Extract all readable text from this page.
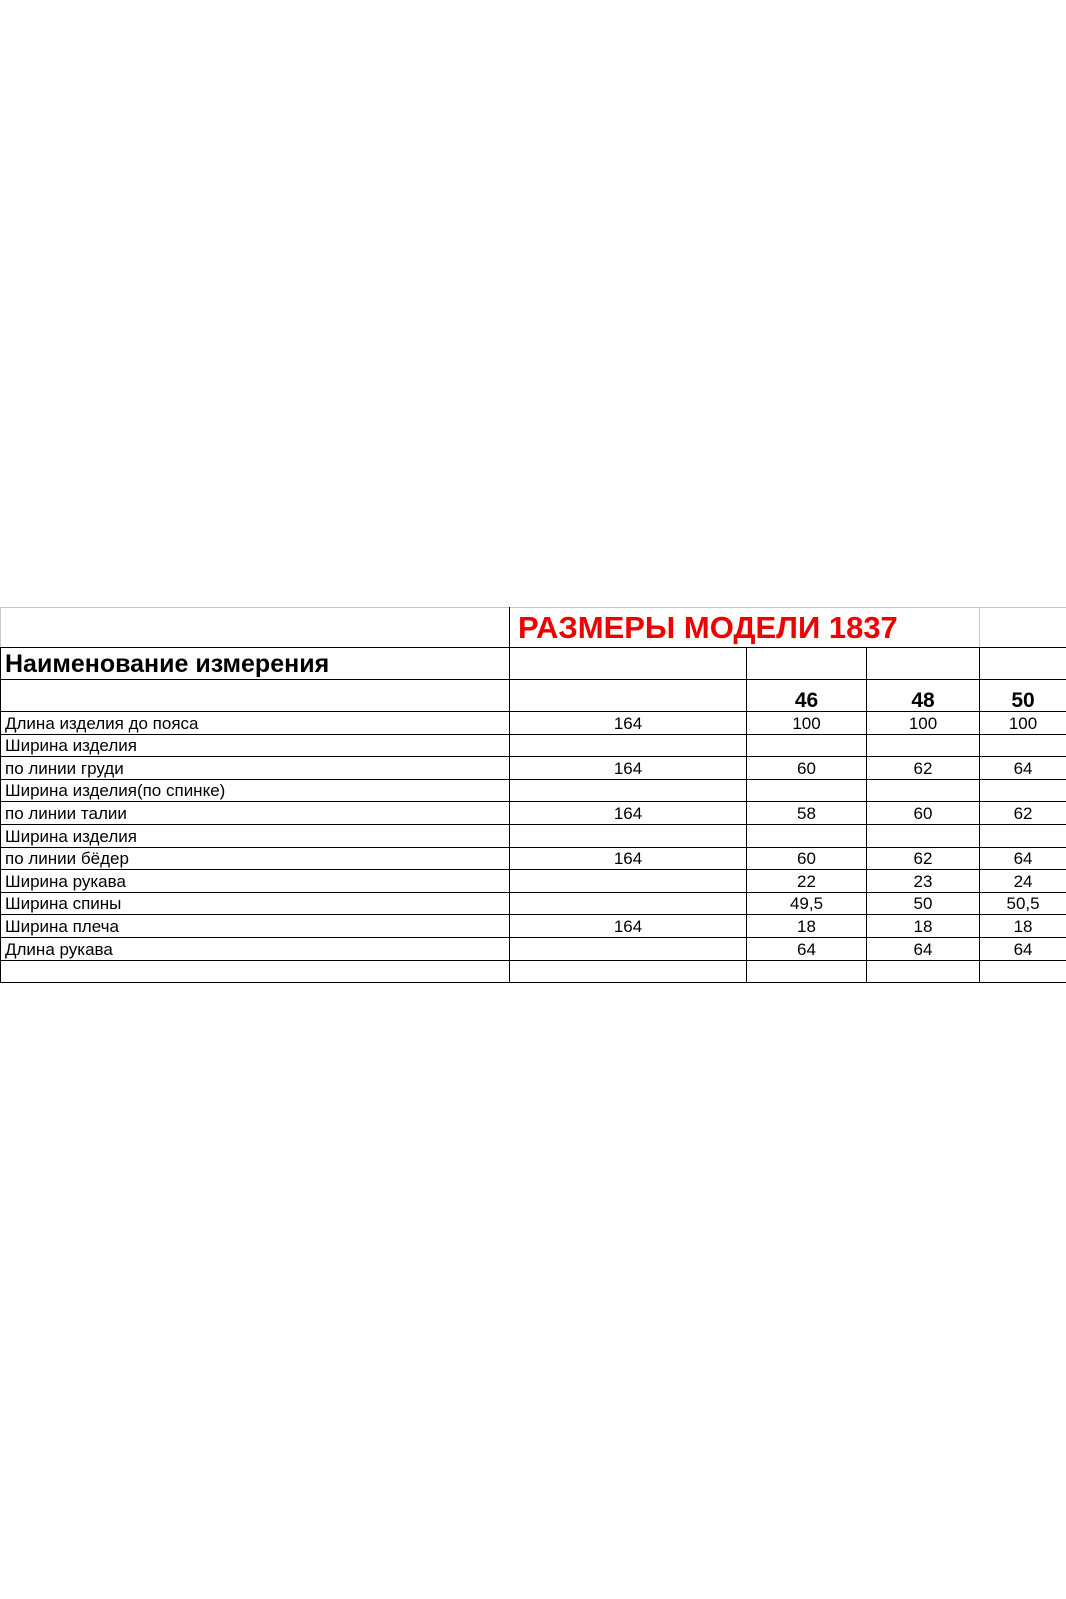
	РАЗМЕРЫ МОДЕЛИ 1837			
Наименование измерения				
		46	48	50
Длина изделия до пояса	164	100	100	100
Ширина изделия				
по линии груди	164	60	62	64
Ширина изделия(по спинке)				
по линии талии	164	58	60	62
Ширина изделия				
по линии бёдер	164	60	62	64
Ширина рукава		22	23	24
Ширина спины		49,5	50	50,5
Ширина плеча	164	18	18	18
Длина рукава		64	64	64
